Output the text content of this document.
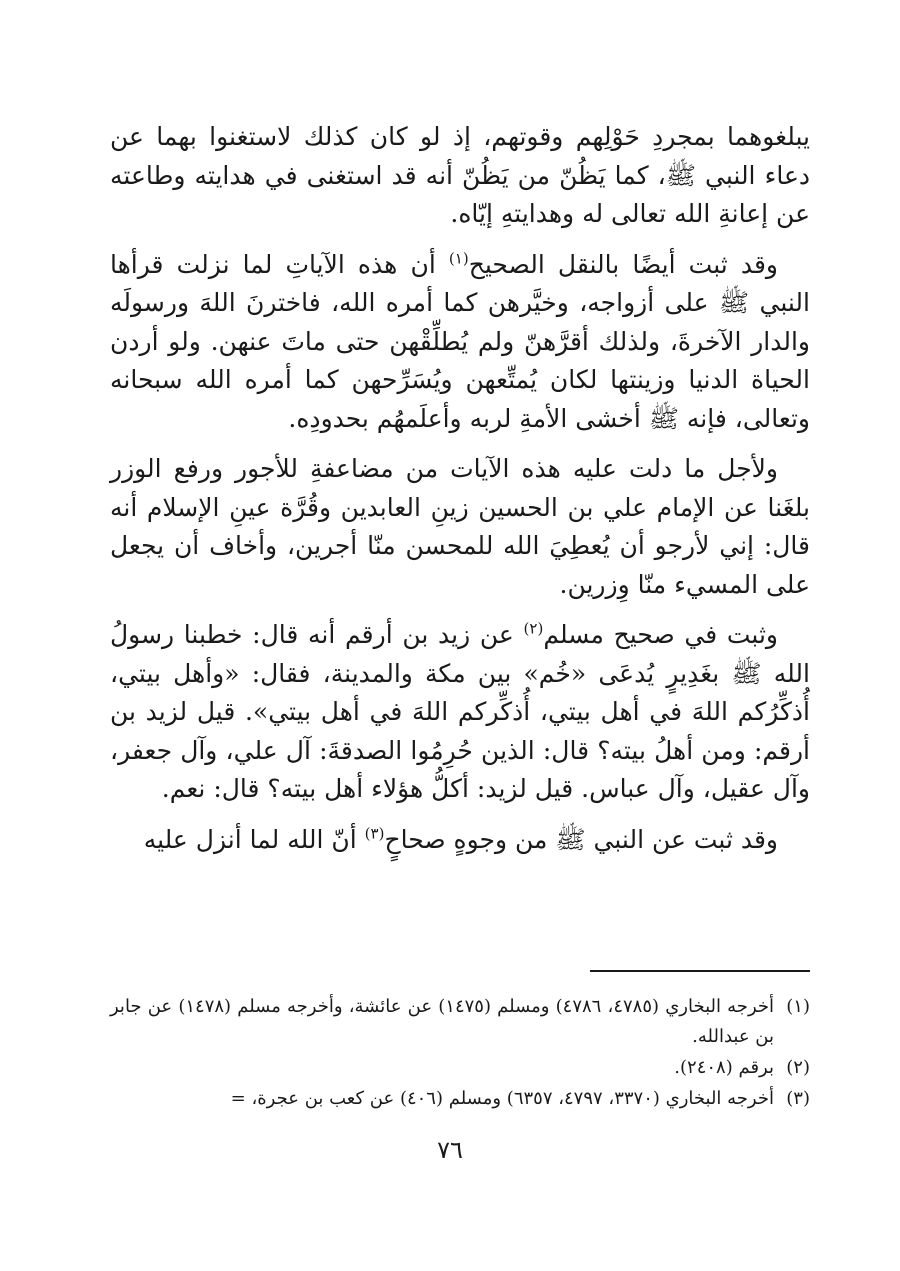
يبلغوهما بمجردِ حَوْلِهم وقوتهم، إذ لو كان كذلك لاستغنوا بهما عن دعاء النبي ﷺ، كما يَظُنّ من يَظُنّ أنه قد استغنى في هدايته وطاعته عن إعانةِ الله تعالى له وهدايتهِ إيّاه.

وقد ثبت أيضًا بالنقل الصحيح$^{(١)}$ أن هذه الآياتِ لما نزلت قرأها النبي ﷺ على أزواجه، وخيَّرهن كما أمره الله، فاخترنَ اللهَ ورسولَه والدار الآخرةَ، ولذلك أقرَّهنّ ولم يُطلِّقْهن حتى ماتَ عنهن. ولو أردن الحياة الدنيا وزينتها لكان يُمتِّعهن ويُسَرِّحهن كما أمره الله سبحانه وتعالى، فإنه ﷺ أخشى الأمةِ لربه وأعلَمهُم بحدودِه.

ولأجل ما دلت عليه هذه الآيات من مضاعفةِ للأجور ورفع الوزر بلغَنا عن الإمام علي بن الحسين زينِ العابدين وقُرَّة عينِ الإسلام أنه قال: إني لأرجو أن يُعطِيَ الله للمحسن منّا أجرين، وأخاف أن يجعل على المسيء منّا وِزرين.

وثبت في صحيح مسلم$^{(٢)}$ عن زيد بن أرقم أنه قال: خطبنا رسولُ الله ﷺ بغَدِيرٍ يُدعَى «خُم» بين مكة والمدينة، فقال: «وأهل بيتي، أُذكِّرُكم اللهَ في أهل بيتي، أُذكِّركم اللهَ في أهل بيتي». قيل لزيد بن أرقم: ومن أهلُ بيته؟ قال: الذين حُرِمُوا الصدقةَ: آل علي، وآل جعفر، وآل عقيل، وآل عباس. قيل لزيد: أكلُّ هؤلاء أهل بيته؟ قال: نعم.

وقد ثبت عن النبي ﷺ من وجوهٍ صحاحٍ$^{(٣)}$ أنّ الله لما أنزل عليه

(١)
أخرجه البخاري (٤٧٨٥، ٤٧٨٦) ومسلم (١٤٧٥) عن عائشة، وأخرجه مسلم (١٤٧٨) عن جابر بن عبدالله.
(٢)
برقم (٢٤٠٨).
(٣)
أخرجه البخاري (٣٣٧٠، ٤٧٩٧، ٦٣٥٧) ومسلم (٤٠٦) عن كعب بن عجرة، =
٧٦
